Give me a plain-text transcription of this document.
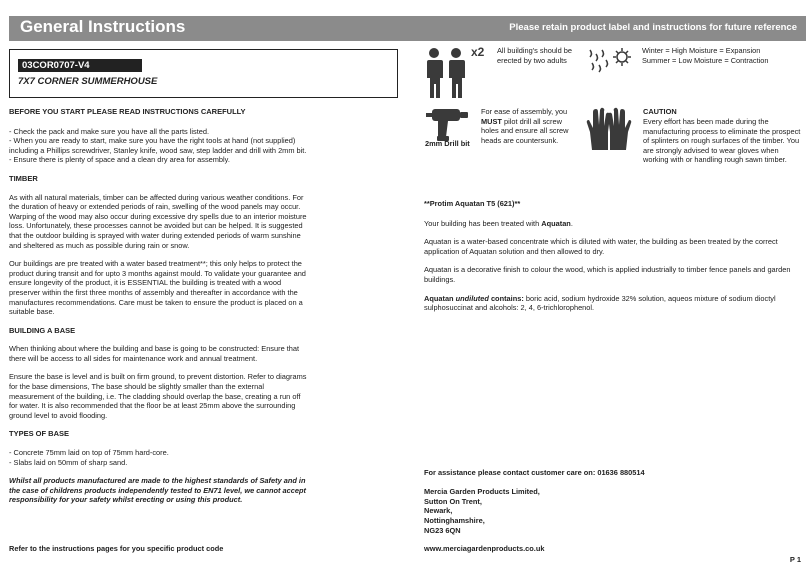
General Instructions	Please retain product label and instructions for future reference
03COR0707-V4
7X7 CORNER SUMMERHOUSE
BEFORE YOU START PLEASE READ INSTRUCTIONS CAREFULLY

- Check the pack and make sure you have all the parts listed.
- When you are ready to start, make sure you have the right tools at hand (not supplied) including a Phillips screwdriver, Stanley knife, wood saw, step ladder and drill with 2mm bit.
- Ensure there is plenty of space and a clean dry area for assembly.

TIMBER

As with all natural materials, timber can be affected during various weather conditions. For the duration of heavy or extended periods of rain, swelling of the wood panels may occur. Warping of the wood may also occur during excessive dry spells due to an interior moisture loss. Unfortunately, these processes cannot be avoided but can be helped. It is suggested that the outdoor building is sprayed with water during extended periods of warm sunshine and sheltered as much as possible during rain or snow.

Our buildings are pre treated with a water based treatment**; this only helps to protect the product during transit and for upto 3 months against mould. To validate your guarantee and ensure longevity of the product, it is ESSENTIAL the building is treated with a wood preserver within the first three months of assembly and thereafter in accordance with the manufactures recommendations. Care must be taken to ensure the product is placed on a suitable base.

BUILDING A BASE

When thinking about where the building and base is going to be constructed: Ensure that there will be access to all sides for maintenance work and annual treatment.

Ensure the base is level and is built on firm ground, to prevent distortion. Refer to diagrams for the base dimensions, The base should be slightly smaller than the external measurement of the building, i.e. The cladding should overlap the base, creating a run off for water. It is also recommended that the floor be at least 25mm above the surrounding ground level to avoid flooding.

TYPES OF BASE

- Concrete 75mm laid on top of 75mm hard-core.
- Slabs laid on 50mm of sharp sand.

Whilst all products manufactured are made to the highest standards of Safety and in the case of childrens products independently tested to EN71 level, we cannot accept responsibility for your safety whilst erecting or using this product.

Refer to the instructions pages for you specific product code
x2 All building's should be erected by two adults
Winter = High Moisture = Expansion
Summer = Low Moisture = Contraction
2mm Drill bit
For ease of assembly, you
MUST pilot drill all screw holes and ensure all screw heads are countersunk.
CAUTION
Every effort has been made during the manufacturing process to eliminate the prospect of splinters on rough surfaces of the timber. You are strongly advised to wear gloves when working with or handling rough sawn timber.

**Protim Aquatan T5 (621)**

Your building has been treated with Aquatan.

Aquatan is a water-based concentrate which is diluted with water, the building as been treated by the correct application of Aquatan solution and then allowed to dry.

Aquatan is a decorative finish to colour the wood, which is applied industrially to timber fence panels and garden buildings.

Aquatan undiluted contains: boric acid, sodium hydroxide 32% solution, aqueos mixture of sodium dioctyl sulphosuccinat and alcohols: 2, 4, 6-trichlorophenol.

For assistance please contact customer care on: 01636 880514

Mercia Garden Products Limited,
Sutton On Trent,
Newark,
Nottinghamshire,
NG23 6QN
www.merciagardenproducts.co.uk
P 1
